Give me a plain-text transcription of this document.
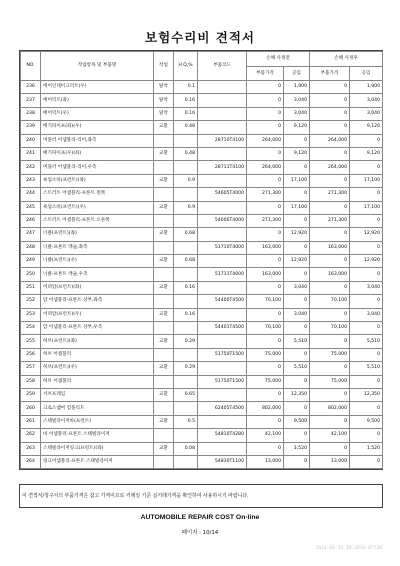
보험수리비 견적서
NO.	작업항목 및 부품명	작업	H.Q,%	부품코드	손해 사정전		손해 사정후	
					부품가격	공임	부품가격	공임
236	에어인테이크덕트(우)	탈착	0.1		0	1,900	0	1,900
237	배어덕트(좌)	탈착	0.16		0	3,040	0	3,040
238	배어덕트(우)	탈착	0.16		0	3,040	0	3,040
239	베기파이프(좌)(우)	교환	0.48		0	9,120	0	9,120
240	머플러 어셈블리-리어,좌측			28710T4100	264,000	0	264,000	0
241	배기파이프(우)(좌)	교환	0.48		0	9,120	0	9,120
242	머플러 어셈블리-리어,우측			28711T4100	264,000	0	264,000	0
243	쇽업소바(프런트)(좌)	교환	0.9		0	17,100	0	17,100
244	스트러트 어셈블리-프론트 왼쪽			54605T4000	271,300	0	271,300	0
245	쇽업소바(프런트)(우)	교환	0.9		0	17,100	0	17,100
246	스트러트 어셈블리-프론트 오른쪽			54606T4000	271,300	0	271,300	0
247	너클(프런트)(좌)	교환	0.68		0	12,920	0	12,920
248	너클-프론트 액슬,좌측			51710T4000	163,000	0	163,000	0
249	너클(프런트)(우)	교환	0.68		0	12,920	0	12,920
250	너클-프론트 액슬,우측			51711T4000	163,000	0	163,000	0
251	어퍼암(프런트)(좌)	교환	0.16		0	3,040	0	3,040
252	암 어셈블리-프론트 상부,좌측			54400T4500	70,100	0	70,100	0
253	어퍼암(프런트)(우)	교환	0.16		0	3,040	0	3,040
254	암 어셈블리-프론트 상부,우측			54401T4500	70,100	0	70,100	0
255	허브(프런트)(좌)	교환	0.29		0	5,510	0	5,510
256	허브 어셈블리			51750T1500	75,000	0	75,000	0
257	허브(프런트)(우)	교환	0.29		0	5,510	0	5,510
258	허브 어셈블리			51750T1500	75,000	0	75,000	0
259	서브프레임	교환	0.65		0	12,350	0	12,350
260	크로스멤버 컴플리트			62405T4500	802,000	0	802,000	0
261	스태빌라이저바(프런트)	교환	0.5		0	9,500	0	9,500
262	바 어셈블리-프론트 스태빌라이저			54810T4280	42,100	0	42,100	0
263	스태빌라이저링크(프런트)(좌)	교환	0.08		0	1,520	0	1,520
264	링크어셈블리-프론트 스태빌라이저			54830T1100	13,000	0	13,000	0
이 견적서/청구서의 부품가격은 참고 가격이므로 거래일 기준 실거래가격을 확인하여 사용하시기 바랍니다.
AUTOMOBILE REPAIR COST On-line
페이지 : 10/14
2024-01-15 ID:3634-87730
